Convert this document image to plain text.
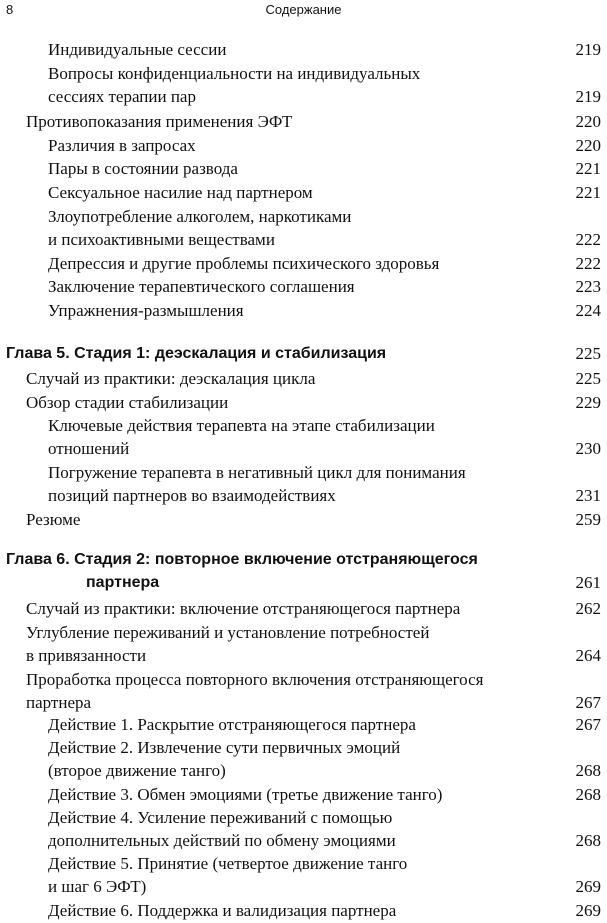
8	Содержание
Индивидуальные сессии	219
Вопросы конфиденциальности на индивидуальных
сессиях терапии пар	219
Противопоказания применения ЭФТ	220
Различия в запросах	220
Пары в состоянии развода	221
Сексуальное насилие над партнером	221
Злоупотребление алкоголем, наркотиками
и психоактивными веществами	222
Депрессия и другие проблемы психического здоровья	222
Заключение терапевтического соглашения	223
Упражнения-размышления	224
Глава 5. Стадия 1: деэскалация и стабилизация	225
Случай из практики: деэскалация цикла	225
Обзор стадии стабилизации	229
Ключевые действия терапевта на этапе стабилизации
отношений	230
Погружение терапевта в негативный цикл для понимания
позиций партнеров во взаимодействиях	231
Резюме	259
Глава 6. Стадия 2: повторное включение отстраняющегося
партнера	261
Случай из практики: включение отстраняющегося партнера	262
Углубление переживаний и установление потребностей
в привязанности	264
Проработка процесса повторного включения отстраняющегося
партнера	267
Действие 1. Раскрытие отстраняющегося партнера	267
Действие 2. Извлечение сути первичных эмоций
(второе движение танго)	268
Действие 3. Обмен эмоциями (третье движение танго)	268
Действие 4. Усиление переживаний с помощью
дополнительных действий по обмену эмоциями	268
Действие 5. Принятие (четвертое движение танго
и шаг 6 ЭФТ)	269
Действие 6. Поддержка и валидизация партнера	269
